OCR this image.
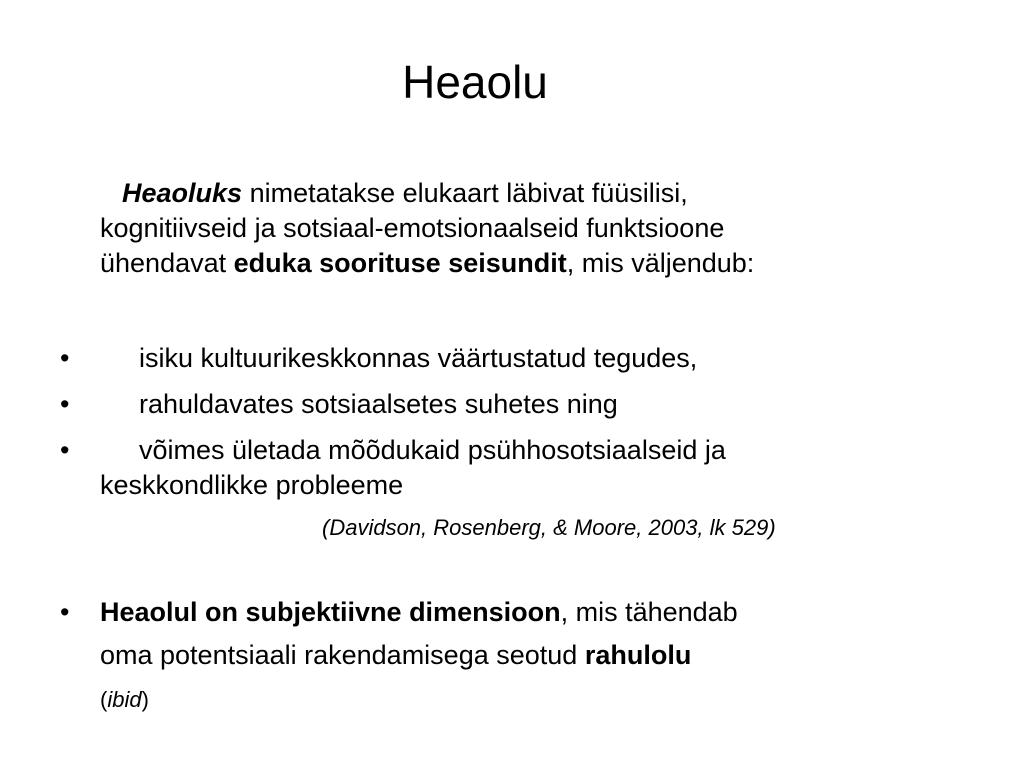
Heaolu
Heaoluks nimetatakse elukaart läbivat füüsilisi,
kognitiivseid ja sotsiaal-emotsionaalseid funktsioone
ühendavat eduka soorituse seisundit, mis väljendub:
•	isiku kultuurikeskkonnas väärtustatud tegudes,
•	rahuldavates sotsiaalsetes suhetes ning
•	võimes ületada mõõdukaid psühhosotsiaalseid ja
keskkondlikke probleeme
(Davidson, Rosenberg, & Moore, 2003, lk 529)
• Heaolul on subjektiivne dimensioon, mis tähendab
oma potentsiaali rakendamisega seotud rahulolu
(ibid)
